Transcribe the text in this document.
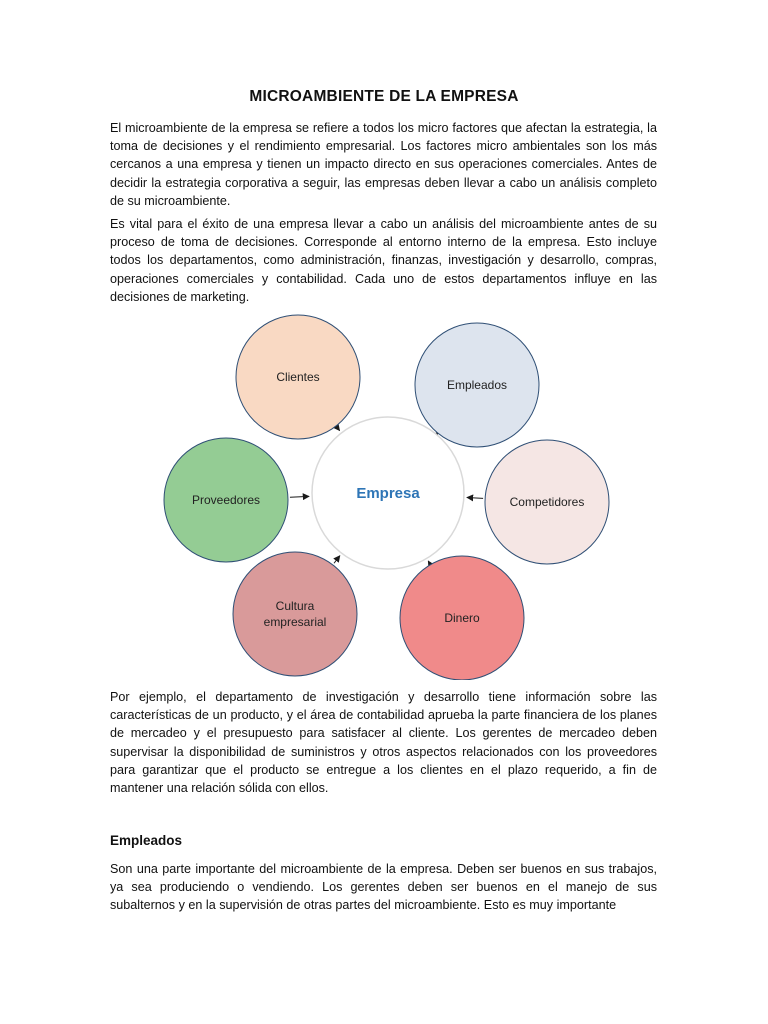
MICROAMBIENTE DE LA EMPRESA

El microambiente de la empresa se refiere a todos los micro factores que afectan la estrategia, la toma de decisiones y el rendimiento empresarial. Los factores micro ambientales son los más cercanos a una empresa y tienen un impacto directo en sus operaciones comerciales. Antes de decidir la estrategia corporativa a seguir, las empresas deben llevar a cabo un análisis completo de su microambiente.

Es vital para el éxito de una empresa llevar a cabo un análisis del microambiente antes de su proceso de toma de decisiones. Corresponde al entorno interno de la empresa. Esto incluye todos los departamentos, como administración, finanzas, investigación y desarrollo, compras, operaciones comerciales y contabilidad. Cada uno de estos departamentos influye en las decisiones de marketing.

Empresa
Clientes
Empleados
Competidores
Dinero
Cultura empresarial
Proveedores

Por ejemplo, el departamento de investigación y desarrollo tiene información sobre las características de un producto, y el área de contabilidad aprueba la parte financiera de los planes de mercadeo y el presupuesto para satisfacer al cliente. Los gerentes de mercadeo deben supervisar la disponibilidad de suministros y otros aspectos relacionados con los proveedores para garantizar que el producto se entregue a los clientes en el plazo requerido, a fin de mantener una relación sólida con ellos.

Empleados

Son una parte importante del microambiente de la empresa. Deben ser buenos en sus trabajos, ya sea produciendo o vendiendo. Los gerentes deben ser buenos en el manejo de sus subalternos y en la supervisión de otras partes del microambiente. Esto es muy importante
